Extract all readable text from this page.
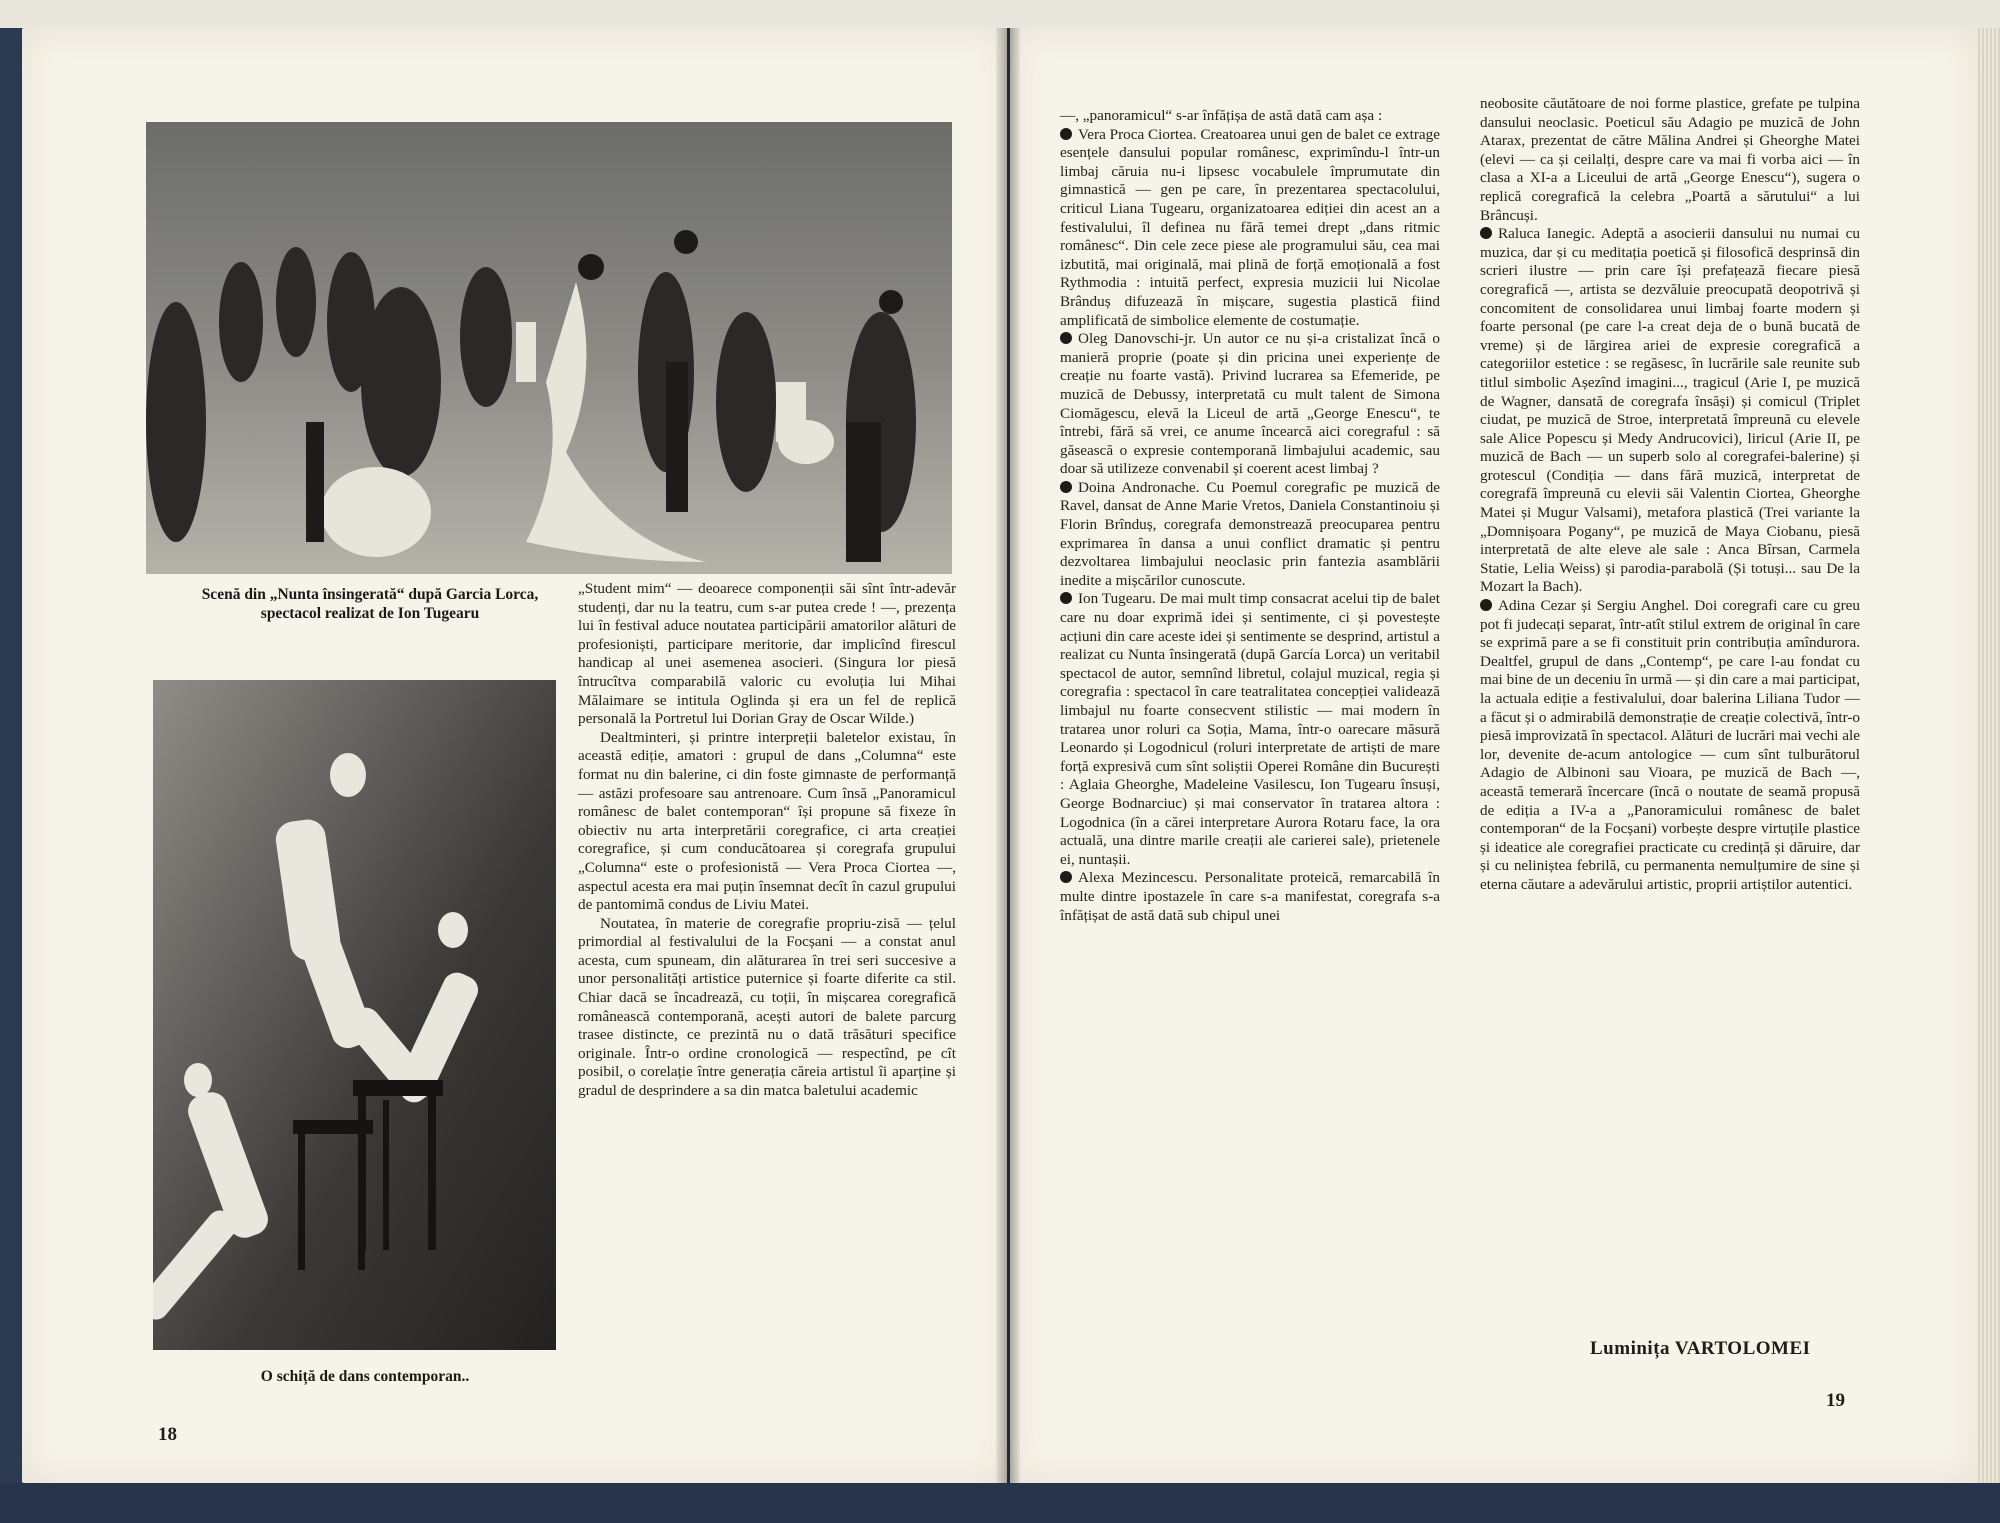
Scenă din „Nunta însingerată“ după Garcia Lorca, spectacol realizat de Ion Tugearu
O schiță de dans contemporan..

„Student mim“ — deoarece componenții săi sînt într-adevăr studenți, dar nu la teatru, cum s-ar putea crede ! —, prezența lui în festival aduce noutatea participării amatorilor alături de profesioniști, participare meritorie, dar implicînd firescul handicap al unei asemenea asocieri. (Singura lor piesă întrucîtva comparabilă valoric cu evoluția lui Mihai Mălaimare se intitula Oglinda și era un fel de replică personală la Portretul lui Dorian Gray de Oscar Wilde.)

Dealtminteri, și printre interpreții baletelor existau, în această ediție, amatori : grupul de dans „Columna“ este format nu din balerine, ci din foste gimnaste de performanță — astăzi profesoare sau antrenoare. Cum însă „Panoramicul românesc de balet contemporan“ își propune să fixeze în obiectiv nu arta interpretării coregrafice, ci arta creației coregrafice, și cum conducătoarea și coregrafa grupului „Columna“ este o profesionistă — Vera Proca Ciortea —, aspectul acesta era mai puțin însemnat decît în cazul grupului de pantomimă condus de Liviu Matei.

Noutatea, în materie de coregrafie propriu-zisă — țelul primordial al festivalului de la Focșani — a constat anul acesta, cum spuneam, din alăturarea în trei seri succesive a unor personalități artistice puternice și foarte diferite ca stil. Chiar dacă se încadrează, cu toții, în mișcarea coregrafică românească contemporană, acești autori de balete parcurg trasee distincte, ce prezintă nu o dată trăsături specifice originale. Într-o ordine cronologică — respectînd, pe cît posibil, o corelație între generația căreia artistul îi aparține și gradul de desprindere a sa din matca baletului academic

18

—, „panoramicul“ s-ar înfățișa de astă dată cam așa :

Vera Proca Ciortea. Creatoarea unui gen de balet ce extrage esențele dansului popular românesc, exprimîndu-l într-un limbaj căruia nu-i lipsesc vocabulele împrumutate din gimnastică — gen pe care, în prezentarea spectacolului, criticul Liana Tugearu, organizatoarea ediției din acest an a festivalului, îl definea nu fără temei drept „dans ritmic românesc“. Din cele zece piese ale programului său, cea mai izbutită, mai originală, mai plină de forță emoțională a fost Rythmodia : intuită perfect, expresia muzicii lui Nicolae Brânduș difuzează în mișcare, sugestia plastică fiind amplificată de simbolice elemente de costumație.

Oleg Danovschi-jr. Un autor ce nu și-a cristalizat încă o manieră proprie (poate și din pricina unei experiențe de creație nu foarte vastă). Privind lucrarea sa Efemeride, pe muzică de Debussy, interpretată cu mult talent de Simona Ciomăgescu, elevă la Liceul de artă „George Enescu“, te întrebi, fără să vrei, ce anume încearcă aici coregraful : să găsească o expresie contemporană limbajului academic, sau doar să utilizeze convenabil și coerent acest limbaj ?

Doina Andronache. Cu Poemul coregrafic pe muzică de Ravel, dansat de Anne Marie Vretos, Daniela Constantinoiu și Florin Brînduș, coregrafa demonstrează preocuparea pentru exprimarea în dansa a unui conflict dramatic și pentru dezvoltarea limbajului neoclasic prin fantezia asamblării inedite a mișcărilor cunoscute.

Ion Tugearu. De mai mult timp consacrat acelui tip de balet care nu doar exprimă idei și sentimente, ci și povestește acțiuni din care aceste idei și sentimente se desprind, artistul a realizat cu Nunta însingerată (după García Lorca) un veritabil spectacol de autor, semnînd libretul, colajul muzical, regia și coregrafia : spectacol în care teatralitatea concepției validează limbajul nu foarte consecvent stilistic — mai modern în tratarea unor roluri ca Soția, Mama, într-o oarecare măsură Leonardo și Logodnicul (roluri interpretate de artiști de mare forță expresivă cum sînt soliștii Operei Române din București : Aglaia Gheorghe, Madeleine Vasilescu, Ion Tugearu însuși, George Bodnarciuc) și mai conservator în tratarea altora : Logodnica (în a cărei interpretare Aurora Rotaru face, la ora actuală, una dintre marile creații ale carierei sale), prietenele ei, nuntașii.

Alexa Mezincescu. Personalitate proteică, remarcabilă în multe dintre ipostazele în care s-a manifestat, coregrafa s-a înfățișat de astă dată sub chipul unei

neobosite căutătoare de noi forme plastice, grefate pe tulpina dansului neoclasic. Poeticul său Adagio pe muzică de John Atarax, prezentat de către Mălina Andrei și Gheorghe Matei (elevi — ca și ceilalți, despre care va mai fi vorba aici — în clasa a XI-a a Liceului de artă „George Enescu“), sugera o replică coregrafică la celebra „Poartă a sărutului“ a lui Brâncuși.

Raluca Ianegic. Adeptă a asocierii dansului nu numai cu muzica, dar și cu meditația poetică și filosofică desprinsă din scrieri ilustre — prin care își prefațează fiecare piesă coregrafică —, artista se dezvăluie preocupată deopotrivă și concomitent de consolidarea unui limbaj foarte modern și foarte personal (pe care l-a creat deja de o bună bucată de vreme) și de lărgirea ariei de expresie coregrafică a categoriilor estetice : se regăsesc, în lucrările sale reunite sub titlul simbolic Așezînd imagini..., tragicul (Arie I, pe muzică de Wagner, dansată de coregrafa însăși) și comicul (Triplet ciudat, pe muzică de Stroe, interpretată împreună cu elevele sale Alice Popescu și Medy Andrucovici), liricul (Arie II, pe muzică de Bach — un superb solo al coregrafei-balerine) și grotescul (Condiția — dans fără muzică, interpretat de coregrafă împreună cu elevii săi Valentin Ciortea, Gheorghe Matei și Mugur Valsami), metafora plastică (Trei variante la „Domnișoara Pogany“, pe muzică de Maya Ciobanu, piesă interpretată de alte eleve ale sale : Anca Bîrsan, Carmela Statie, Lelia Weiss) și parodia-parabolă (Și totuși... sau De la Mozart la Bach).

Adina Cezar și Sergiu Anghel. Doi coregrafi care cu greu pot fi judecați separat, într-atît stilul extrem de original în care se exprimă pare a se fi constituit prin contribuția amîndurora. Dealtfel, grupul de dans „Contemp“, pe care l-au fondat cu mai bine de un deceniu în urmă — și din care a mai participat, la actuala ediție a festivalului, doar balerina Liliana Tudor — a făcut și o admirabilă demonstrație de creație colectivă, într-o piesă improvizată în spectacol. Alături de lucrări mai vechi ale lor, devenite de-acum antologice — cum sînt tulburătorul Adagio de Albinoni sau Vioara, pe muzică de Bach —, această temerară încercare (încă o noutate de seamă propusă de ediția a IV-a a „Panoramicului românesc de balet contemporan“ de la Focșani) vorbește despre virtuțile plastice și ideatice ale coregrafiei practicate cu credință și dăruire, dar și cu neliniștea febrilă, cu permanenta nemulțumire de sine și eterna căutare a adevărului artistic, proprii artiștilor autentici.

Luminița VARTOLOMEI
19
